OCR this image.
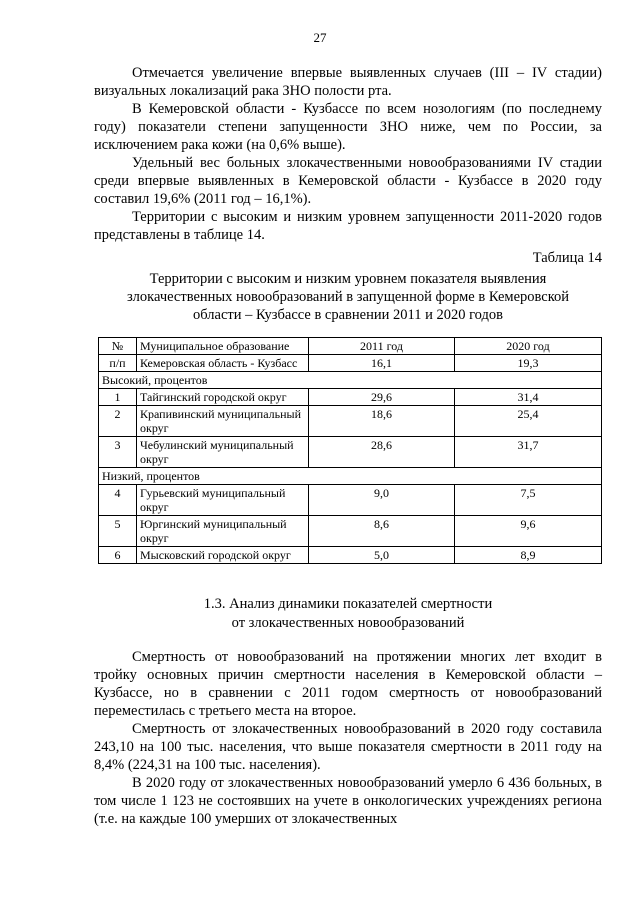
27

Отмечается увеличение впервые выявленных случаев (III – IV стадии) визуальных локализаций рака ЗНО полости рта.

В Кемеровской области - Кузбассе по всем нозологиям (по последнему году) показатели степени запущенности ЗНО ниже, чем по России, за исключением рака кожи (на 0,6% выше).

Удельный вес больных злокачественными новообразованиями IV стадии среди впервые выявленных в Кемеровской области - Кузбассе в 2020 году составил 19,6% (2011 год – 16,1%).

Территории с высоким и низким уровнем запущенности 2011-2020 годов представлены в таблице 14.

Таблица 14
Территории с высоким и низким уровнем показателя выявления злокачественных новообразований в запущенной форме в Кемеровской области – Кузбассе в сравнении 2011 и 2020 годов
№	Муниципальное образование	2011 год	2020 год
п/п	Кемеровская область - Кузбасс	16,1	19,3
Высокий, процентов			
1	Тайгинский городской округ	29,6	31,4
2	Крапивинский муниципальный округ	18,6	25,4
3	Чебулинский муниципальный округ	28,6	31,7
Низкий, процентов			
4	Гурьевский муниципальный округ	9,0	7,5
5	Юргинский муниципальный округ	8,6	9,6
6	Мысковский городской округ	5,0	8,9
1.3. Анализ динамики показателей смертности
от злокачественных новообразований

Смертность от новообразований на протяжении многих лет входит в тройку основных причин смертности населения в Кемеровской области – Кузбассе, но в сравнении с 2011 годом смертность от новообразований переместилась с третьего места на второе.

Смертность от злокачественных новообразований в 2020 году составила 243,10 на 100 тыс. населения, что выше показателя смертности в 2011 году на 8,4% (224,31 на 100 тыс. населения).

В 2020 году от злокачественных новообразований умерло 6 436 больных, в том числе 1 123 не состоявших на учете в онкологических учреждениях региона (т.е. на каждые 100 умерших от злокачественных
